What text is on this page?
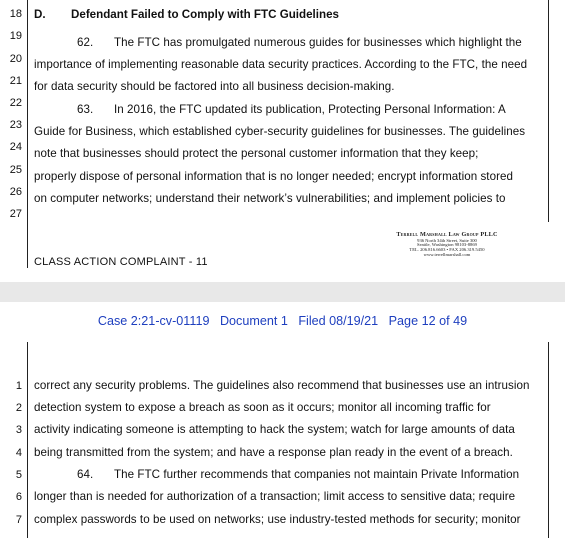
18
19
20
21
22
23
24
25
26
27
D. Defendant Failed to Comply with FTC Guidelines
62. The FTC has promulgated numerous guides for businesses which highlight the
importance of implementing reasonable data security practices. According to the FTC, the need
for data security should be factored into all business decision-making.
63. In 2016, the FTC updated its publication, Protecting Personal Information: A
Guide for Business, which established cyber-security guidelines for businesses. The guidelines
note that businesses should protect the personal customer information that they keep;
properly dispose of personal information that is no longer needed; encrypt information stored
on computer networks; understand their network’s vulnerabilities; and implement policies to
CLASS ACTION COMPLAINT - 11
Terrell Marshall Law Group PLLC
936 North 34th Street, Suite 300
Seattle, Washington 98103-8869
TEL. 206.816.6603 • FAX 206.319.5450
www.terrellmarshall.com
Case 2:21-cv-01119   Document 1   Filed 08/19/21   Page 12 of 49
1
2
3
4
5
6
7
correct any security problems. The guidelines also recommend that businesses use an intrusion
detection system to expose a breach as soon as it occurs; monitor all incoming traffic for
activity indicating someone is attempting to hack the system; watch for large amounts of data
being transmitted from the system; and have a response plan ready in the event of a breach.
64. The FTC further recommends that companies not maintain Private Information
longer than is needed for authorization of a transaction; limit access to sensitive data; require
complex passwords to be used on networks; use industry-tested methods for security; monitor
